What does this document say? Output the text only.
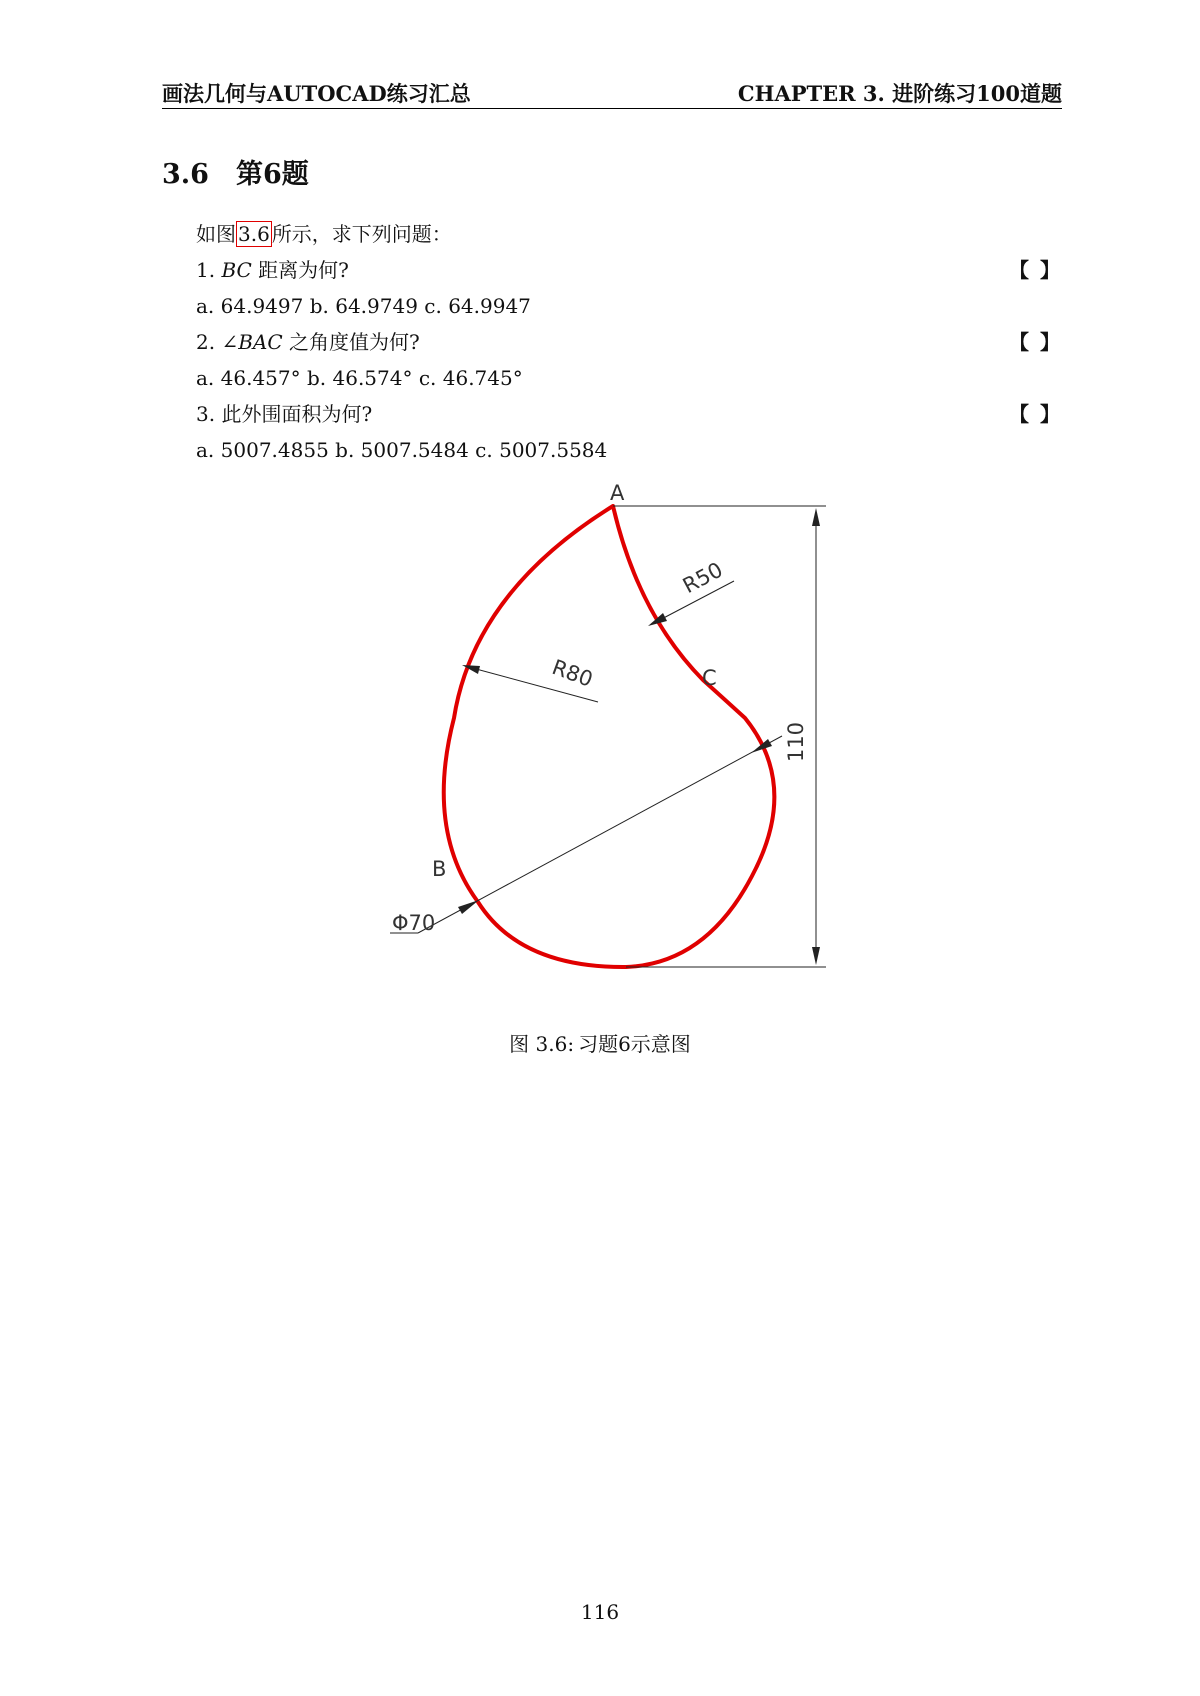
画法几何与AUTOCAD练习汇总	CHAPTER 3. 进阶练习100道题
3.6 第6题
如图 3.6 所示，求下列问题：
1. BC 距离为何?	【 】
a. 64.9497 b. 64.9749 c. 64.9947
2. ∠BAC 之角度值为何?	【 】
a. 46.457° b. 46.574° c. 46.745°
3. 此外围面积为何?	【 】
a. 5007.4855 b. 5007.5484 c. 5007.5584
110
R50
R80
Φ70
A
B
C
图 3.6: 习题6示意图
116
